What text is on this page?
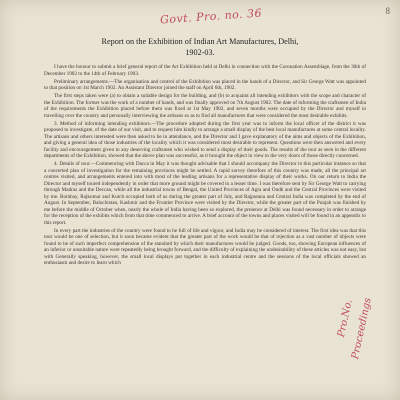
Govt. Pro. no. 36	8
Report on the Exhibition of Indian Art Manufactures, Delhi,
1902-03.

I have the honour to submit a brief general report of the Art Exhibition held at Delhi in connection with the Coronation Assemblage, from the 30th of December 1902 to the 14th of February 1903.

Preliminary arrangements.—The organisation and control of the Exhibition was placed in the hands of a Director, and Sir George Watt was appointed to that position on 1st March 1902. An Assistant Director joined the staff on April 6th, 1902.

The first steps taken were (a) to obtain a suitable design for the building, and (b) to acquaint all intending exhibitors with the scope and character of the Exhibition. The former was the work of a number of hands, and was finally approved on 7th August 1902. The date of informing the craftsmen of India of the requirements the Exhibition placed before them was fixed at 1st May 1902, and seven months were occupied by the Director and myself in travelling over the country and personally interviewing the artisans so as to find all manufactures that were considered the most desirable exhibits.

3. Method of informing intending exhibitors.—The procedure adopted during the first year was to inform the local officer of the district it was proposed to investigate, of the date of our visit, and to request him kindly to arrange a small display of the best local manufactures at some central locality. The artisans and others interested were then asked to be in attendance, and the Director and I gave explanatory of the aims and objects of the Exhibition, and giving a general idea of those industries of the locality which it was considered most desirable to represent. Questions were then answered and every facility and encouragement given to any deserving craftsmen who wished to send a display of their goods. The results of the tour as seen in the different departments of the Exhibition, showed that the above plan was successful, as it brought the object in view to the very doors of those directly concerned.

4. Details of tour.—Commencing with Dacca in May it was thought advisable that I should accompany the Director in this particular instance so that a concerted plan of investigation for the remaining provinces might be settled. A rapid survey therefore of this country was made, all the principal art centres visited, and arrangements entered into with most of the leading artisans for a representative display of their works. On our return to India the Director and myself toured independently in order that more ground might be covered in a lesser time. I was therefore sent by Sir George Watt to carrying through Madras and the Deccan, while all the industrial towns of Bengal, the United Provinces of Agra and Oudh and the Central Provinces were visited by me. Bombay, Rajkumar and Kutch occupied both of us during the greater part of July, and Rajputana and Central India was completed by the end of August. In September, Baluchistan, Kashmir and the Frontier Province were visited by the Director, while the greater part of the Punjab was finished by me before the middle of October when, nearly the whole of India having been so explored, the presence at Delhi was found necessary in order to arrange for the reception of the exhibits which from that time commenced to arrive. A brief account of the towns and places visited will be found in an appendix to this report.

In every part the industries of the country were found to be full of life and vigour, and India may be considered of interest. The first idea was that this tour would be one of selection, but it soon became evident that the greater part of the work would be that of rejection as a vast number of objects were found to be of such imperfect comprehension of the standard by which their manufactures would be judged. Goods, too, showing European influences of an inferior or unsuitable nature were repeatedly being brought forward, and the difficulty of explaining the undesirability of these articles was not easy, but with Generally speaking, however, the small local displays put together in each industrial centre and the sessions of the local officials showed an enthusiasm and desire to learn which

Pro.No.
Proceedings
